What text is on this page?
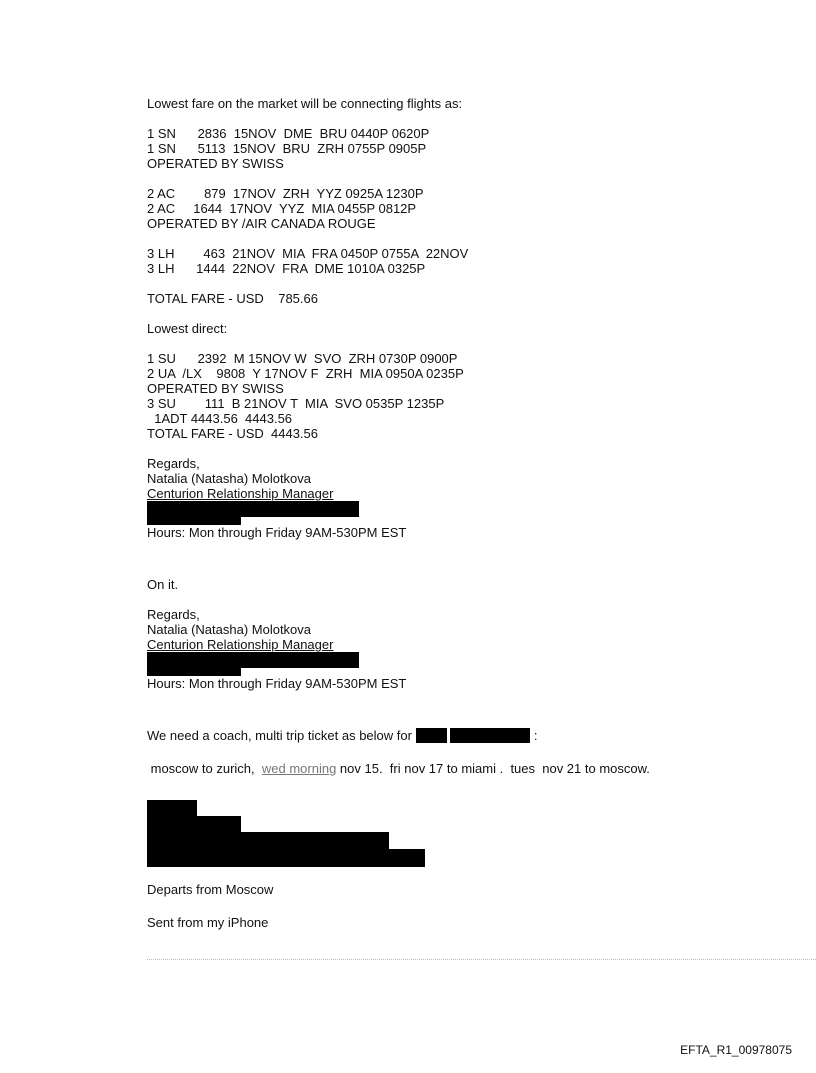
Lowest fare on the market will be connecting flights as:
1 SN      2836  15NOV  DME  BRU 0440P 0620P
1 SN      5113  15NOV  BRU  ZRH 0755P 0905P
OPERATED BY SWISS
2 AC        879  17NOV  ZRH  YYZ 0925A 1230P
2 AC     1644  17NOV  YYZ  MIA 0455P 0812P
OPERATED BY /AIR CANADA ROUGE
3 LH        463  21NOV  MIA  FRA 0450P 0755A  22NOV
3 LH      1444  22NOV  FRA  DME 1010A 0325P
TOTAL FARE - USD    785.66
Lowest direct:
1 SU      2392  M 15NOV W  SVO  ZRH 0730P 0900P
2 UA  /LX    9808  Y 17NOV F  ZRH  MIA 0950A 0235P
OPERATED BY SWISS
3 SU        111  B 21NOV T  MIA  SVO 0535P 1235P
1ADT 4443.56  4443.56
TOTAL FARE - USD  4443.56
Regards,
Natalia (Natasha) Molotkova
Centurion Relationship Manager
Hours: Mon through Friday 9AM-530PM EST
On it.
Regards,
Natalia (Natasha) Molotkova
Centurion Relationship Manager
Hours: Mon through Friday 9AM-530PM EST
We need a coach, multi trip ticket as below for	:
moscow to zurich,  wed morning nov 15.  fri nov 17 to miami .  tues  nov 21 to moscow.
Departs from Moscow
Sent from my iPhone
EFTA_R1_00978075
